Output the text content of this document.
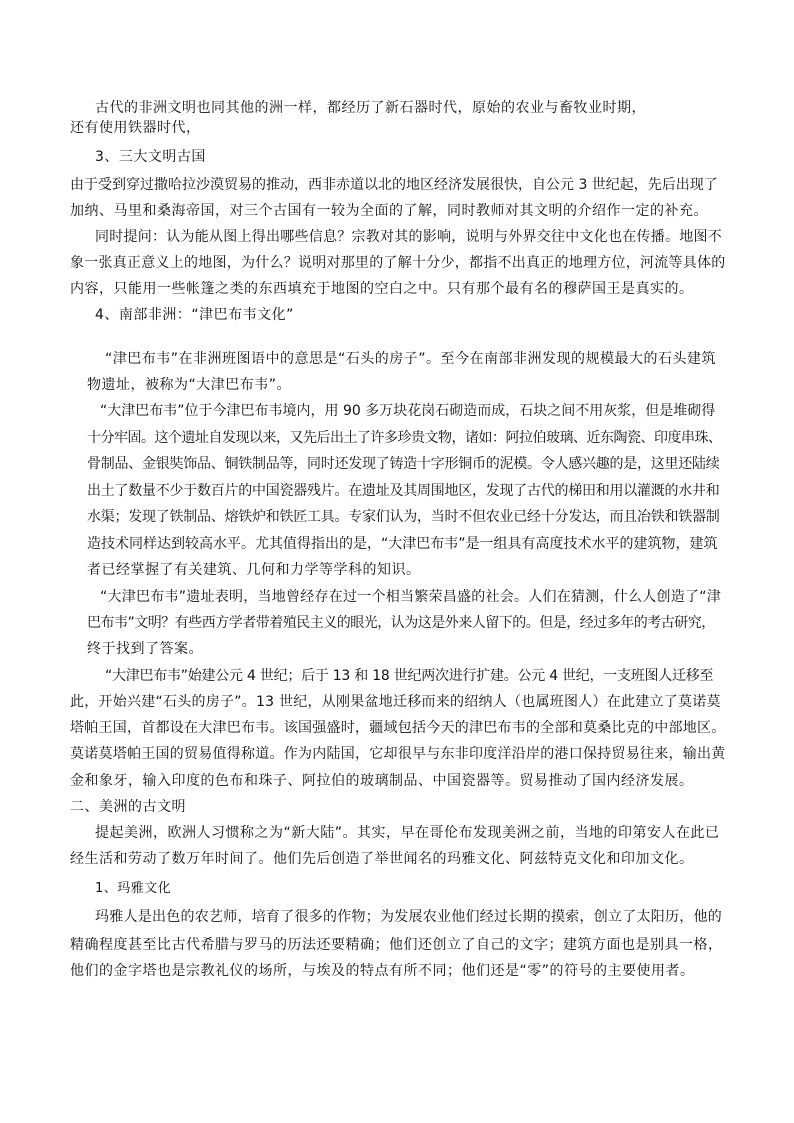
古代的非洲文明也同其他的洲一样，都经历了新石器时代，原始的农业与畜牧业时期，
还有使用铁器时代，
3、三大文明古国
由于受到穿过撒哈拉沙漠贸易的推动，西非赤道以北的地区经济发展很快，自公元 3 世纪起，先后出现了
加纳、马里和桑海帝国，对三个古国有一较为全面的了解，同时教师对其文明的介绍作一定的补充。
同时提问：认为能从图上得出哪些信息？宗教对其的影响，说明与外界交往中文化也在传播。地图不
象一张真正意义上的地图，为什么？说明对那里的了解十分少，都指不出真正的地理方位，河流等具体的
内容，只能用一些帐篷之类的东西填充于地图的空白之中。只有那个最有名的穆萨国王是真实的。
4、南部非洲：“津巴布韦文化”
“津巴布韦”在非洲班图语中的意思是“石头的房子”。至今在南部非洲发现的规模最大的石头建筑
物遗址，被称为“大津巴布韦”。
“大津巴布韦”位于今津巴布韦境内，用 90 多万块花岗石砌造而成，石块之间不用灰浆，但是堆砌得
十分牢固。这个遗址自发现以来，又先后出土了许多珍贵文物，诸如：阿拉伯玻璃、近东陶瓷、印度串珠、
骨制品、金银奘饰品、铜铁制品等，同时还发现了铸造十字形铜币的泥模。令人感兴趣的是，这里还陆续
出土了数量不少于数百片的中国瓷器残片。在遗址及其周围地区，发现了古代的梯田和用以灌溉的水井和
水渠；发现了铁制品、熔铁炉和铁匠工具。专家们认为，当时不但农业已经十分发达，而且冶铁和铁器制
造技术同样达到较高水平。尤其值得指出的是，“大津巴布韦”是一组具有高度技术水平的建筑物，建筑
者已经掌握了有关建筑、几何和力学等学科的知识。
“大津巴布韦”遗址表明，当地曾经存在过一个相当繁荣昌盛的社会。人们在猜测，什么人创造了“津
巴布韦”文明？有些西方学者带着殖民主义的眼光，认为这是外来人留下的。但是，经过多年的考古研究，
终于找到了答案。
“大津巴布韦”始建公元 4 世纪；后于 13 和 18 世纪两次进行扩建。公元 4 世纪，一支班图人迁移至
此，开始兴建“石头的房子”。13 世纪，从刚果盆地迁移而来的绍纳人（也属班图人）在此建立了莫诺莫
塔帕王国，首都设在大津巴布韦。该国强盛时，疆域包括今天的津巴布韦的全部和莫桑比克的中部地区。
莫诺莫塔帕王国的贸易值得称道。作为内陆国，它却很早与东非印度洋沿岸的港口保持贸易往来，输出黄
金和象牙，输入印度的色布和珠子、阿拉伯的玻璃制品、中国瓷器等。贸易推动了国内经济发展。
二、美洲的古文明
提起美洲，欧洲人习惯称之为“新大陆”。其实，早在哥伦布发现美洲之前，当地的印第安人在此已
经生活和劳动了数万年时间了。他们先后创造了举世闻名的玛雅文化、阿兹特克文化和印加文化。
1、玛雅文化
玛雅人是出色的农艺师，培育了很多的作物；为发展农业他们经过长期的摸索，创立了太阳历，他的
精确程度甚至比古代希腊与罗马的历法还要精确；他们还创立了自己的文字；建筑方面也是别具一格，
他们的金字塔也是宗教礼仪的场所，与埃及的特点有所不同；他们还是“零”的符号的主要使用者。
